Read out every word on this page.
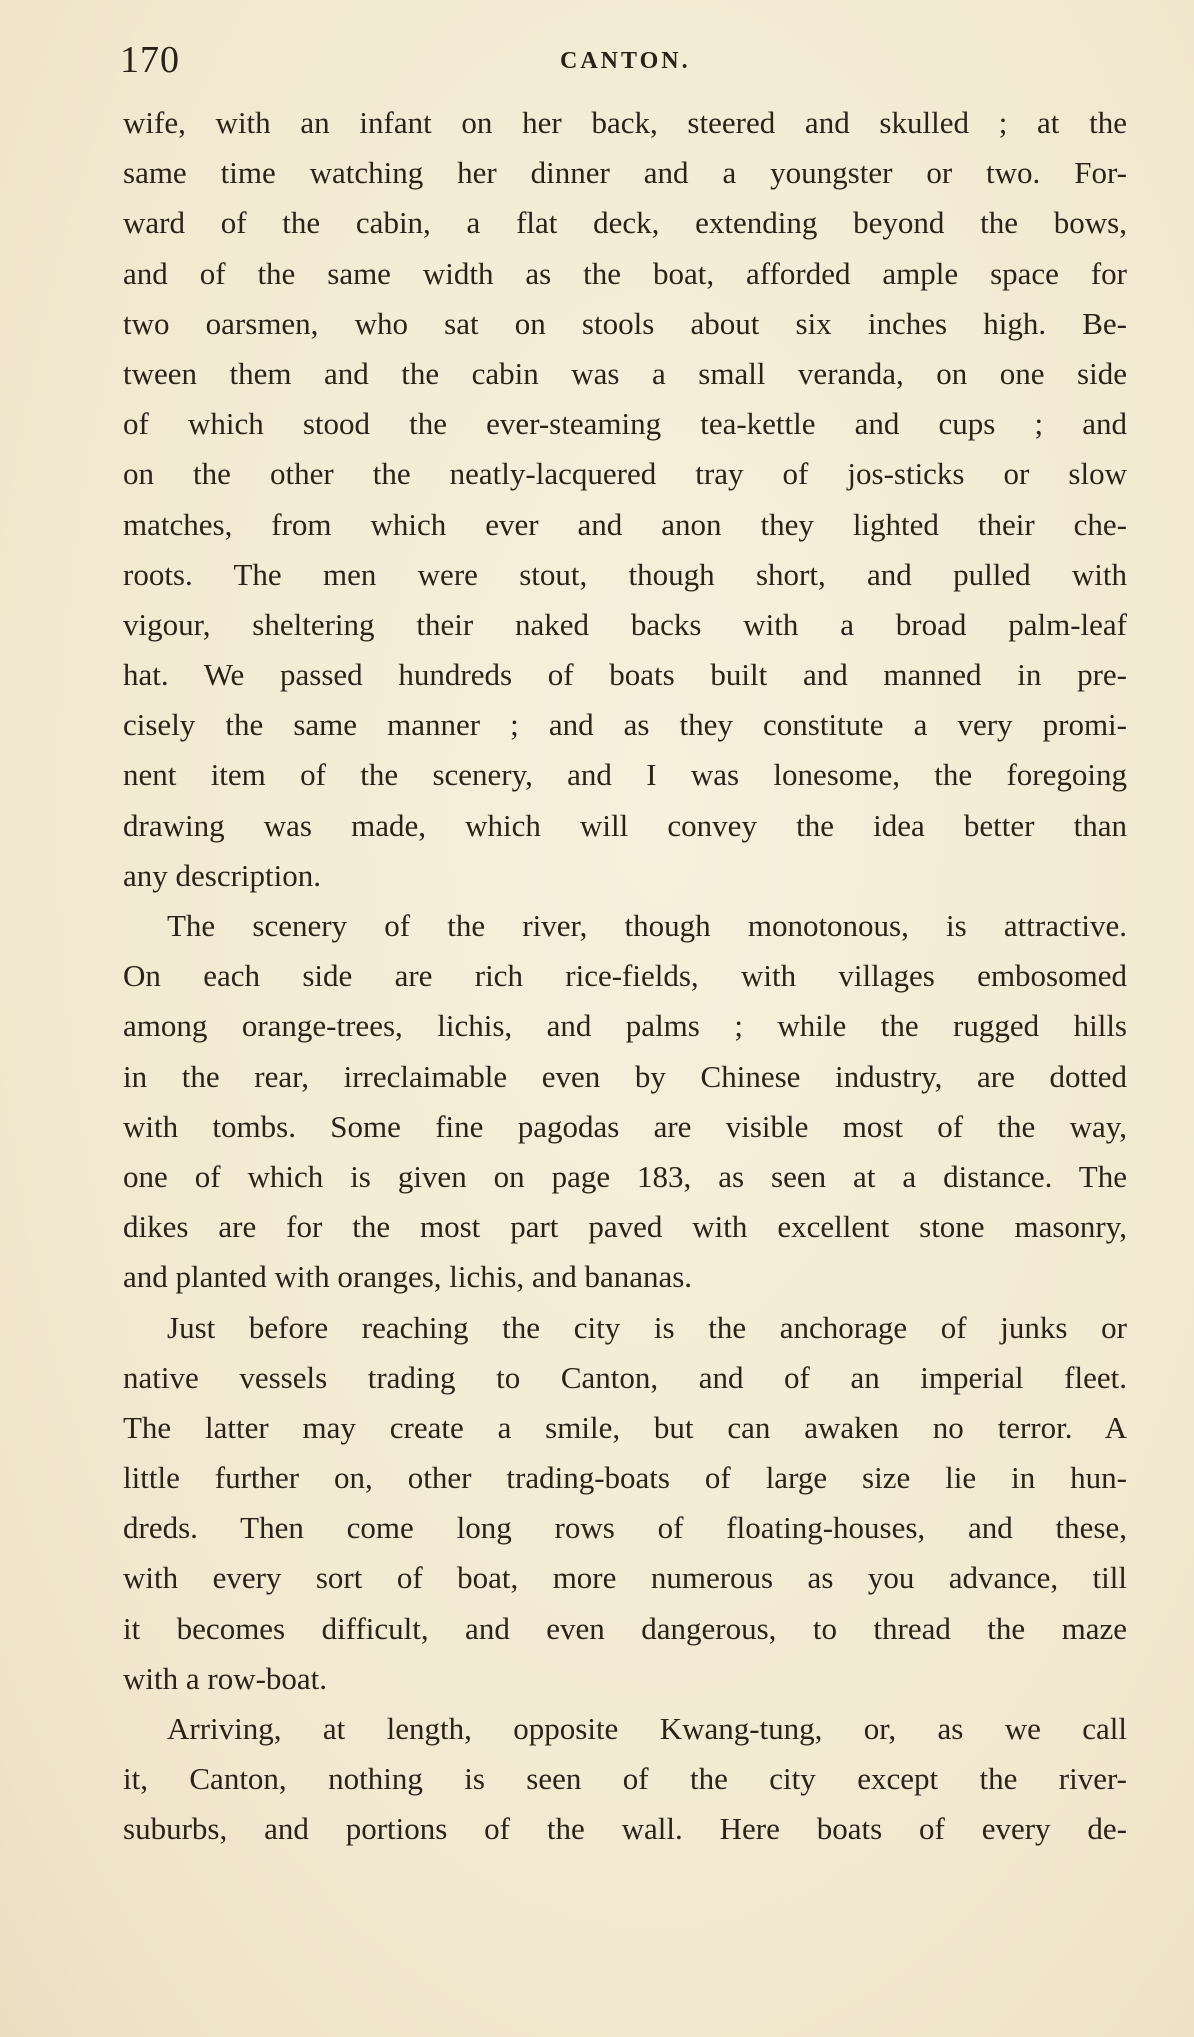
170	CANTON.
wife, with an infant on her back, steered and skulled ; at the
same time watching her dinner and a youngster or two. For-
ward of the cabin, a flat deck, extending beyond the bows,
and of the same width as the boat, afforded ample space for
two oarsmen, who sat on stools about six inches high. Be-
tween them and the cabin was a small veranda, on one side
of which stood the ever-steaming tea-kettle and cups ; and
on the other the neatly-lacquered tray of jos-sticks or slow
matches, from which ever and anon they lighted their che-
roots. The men were stout, though short, and pulled with
vigour, sheltering their naked backs with a broad palm-leaf
hat. We passed hundreds of boats built and manned in pre-
cisely the same manner ; and as they constitute a very promi-
nent item of the scenery, and I was lonesome, the foregoing
drawing was made, which will convey the idea better than
any description.
The scenery of the river, though monotonous, is attractive.
On each side are rich rice-fields, with villages embosomed
among orange-trees, lichis, and palms ; while the rugged hills
in the rear, irreclaimable even by Chinese industry, are dotted
with tombs. Some fine pagodas are visible most of the way,
one of which is given on page 183, as seen at a distance. The
dikes are for the most part paved with excellent stone masonry,
and planted with oranges, lichis, and bananas.
Just before reaching the city is the anchorage of junks or
native vessels trading to Canton, and of an imperial fleet.
The latter may create a smile, but can awaken no terror. A
little further on, other trading-boats of large size lie in hun-
dreds. Then come long rows of floating-houses, and these,
with every sort of boat, more numerous as you advance, till
it becomes difficult, and even dangerous, to thread the maze
with a row-boat.
Arriving, at length, opposite Kwang-tung, or, as we call
it, Canton, nothing is seen of the city except the river-
suburbs, and portions of the wall. Here boats of every de-
